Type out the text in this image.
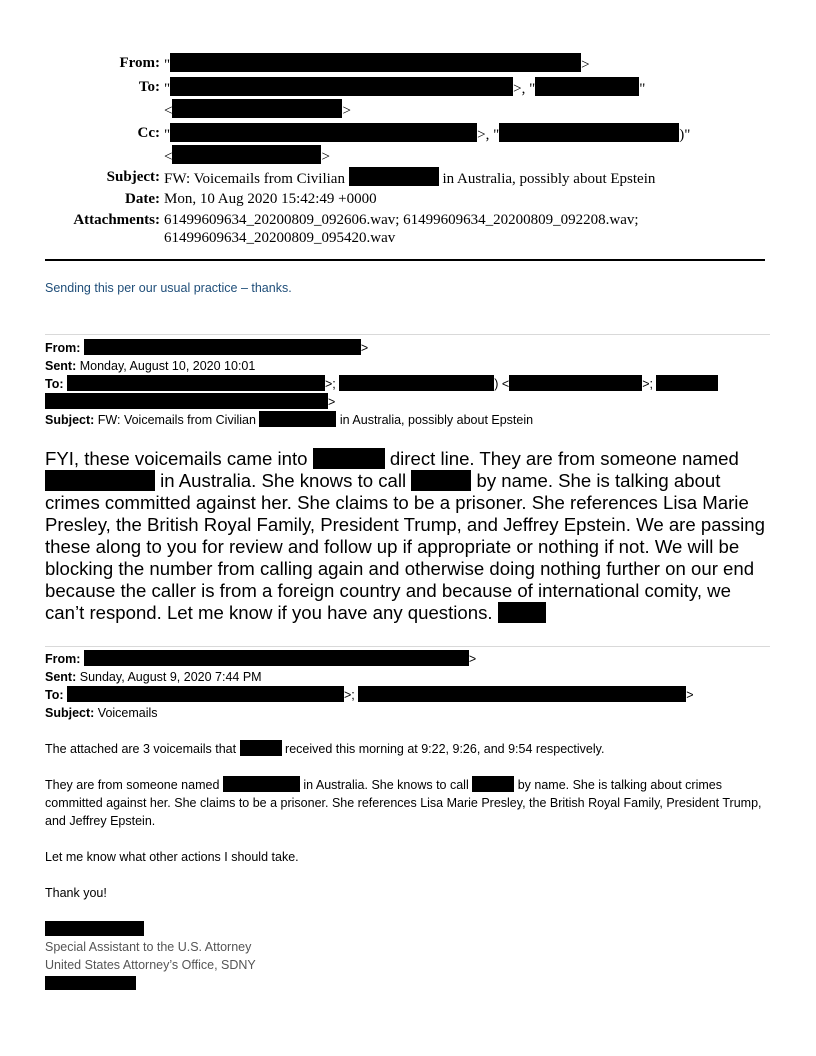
From: "	>
To: "	>, "	"
<	>
Cc: "	>, "	)"
<	>
Subject: FW: Voicemails from Civilian	in Australia, possibly about Epstein
Date: Mon, 10 Aug 2020 15:42:49 +0000
Attachments: 61499609634_20200809_092606.wav; 61499609634_20200809_092208.wav;
61499609634_20200809_095420.wav
Sending this per our usual practice – thanks.
From:	>
Sent: Monday, August 10, 2020 10:01
To:	>;	) <	>;
>
Subject: FW: Voicemails from Civilian	in Australia, possibly about Epstein
FYI, these voicemails came into	direct line. They are from someone named  in Australia. She knows to call	by name. She is talking about crimes committed against her. She claims to be a prisoner. She references Lisa Marie Presley, the British Royal Family, President Trump, and Jeffrey Epstein. We are passing these along to you for review and follow up if appropriate or nothing if not. We will be blocking the number from calling again and otherwise doing nothing further on our end because the caller is from a foreign country and because of international comity, we can’t respond. Let me know if you have any questions.
From:	>
Sent: Sunday, August 9, 2020 7:44 PM
To:	>;	>
Subject: Voicemails
The attached are 3 voicemails that	received this morning at 9:22, 9:26, and 9:54 respectively.
They are from someone named	in Australia. She knows to call	by name. She is talking about crimes committed against her. She claims to be a prisoner. She references Lisa Marie Presley, the British Royal Family, President Trump, and Jeffrey Epstein.
Let me know what other actions I should take.
Thank you!
Special Assistant to the U.S. Attorney
United States Attorney’s Office, SDNY
